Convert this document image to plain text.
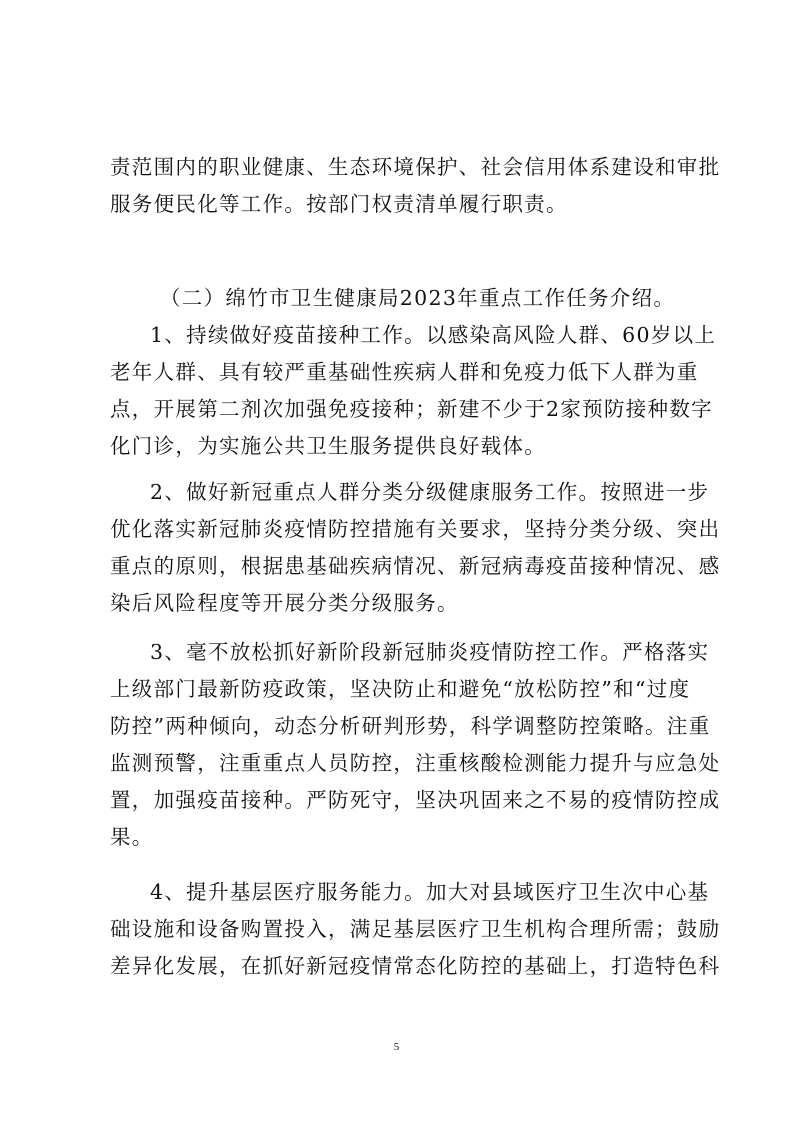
责范围内的职业健康、生态环境保护、社会信用体系建设和审批
服务便民化等工作。按部门权责清单履行职责。
（二）绵竹市卫生健康局2023年重点工作任务介绍。
1、持续做好疫苗接种工作。以感染高风险人群、60岁以上
老年人群、具有较严重基础性疾病人群和免疫力低下人群为重
点，开展第二剂次加强免疫接种；新建不少于2家预防接种数字
化门诊，为实施公共卫生服务提供良好载体。
2、做好新冠重点人群分类分级健康服务工作。按照进一步
优化落实新冠肺炎疫情防控措施有关要求，坚持分类分级、突出
重点的原则，根据患基础疾病情况、新冠病毒疫苗接种情况、感
染后风险程度等开展分类分级服务。
3、毫不放松抓好新阶段新冠肺炎疫情防控工作。严格落实
上级部门最新防疫政策，坚决防止和避免“放松防控”和“过度
防控”两种倾向，动态分析研判形势，科学调整防控策略。注重
监测预警，注重重点人员防控，注重核酸检测能力提升与应急处
置，加强疫苗接种。严防死守，坚决巩固来之不易的疫情防控成
果。
4、提升基层医疗服务能力。加大对县域医疗卫生次中心基
础设施和设备购置投入，满足基层医疗卫生机构合理所需；鼓励
差异化发展，在抓好新冠疫情常态化防控的基础上，打造特色科
5
